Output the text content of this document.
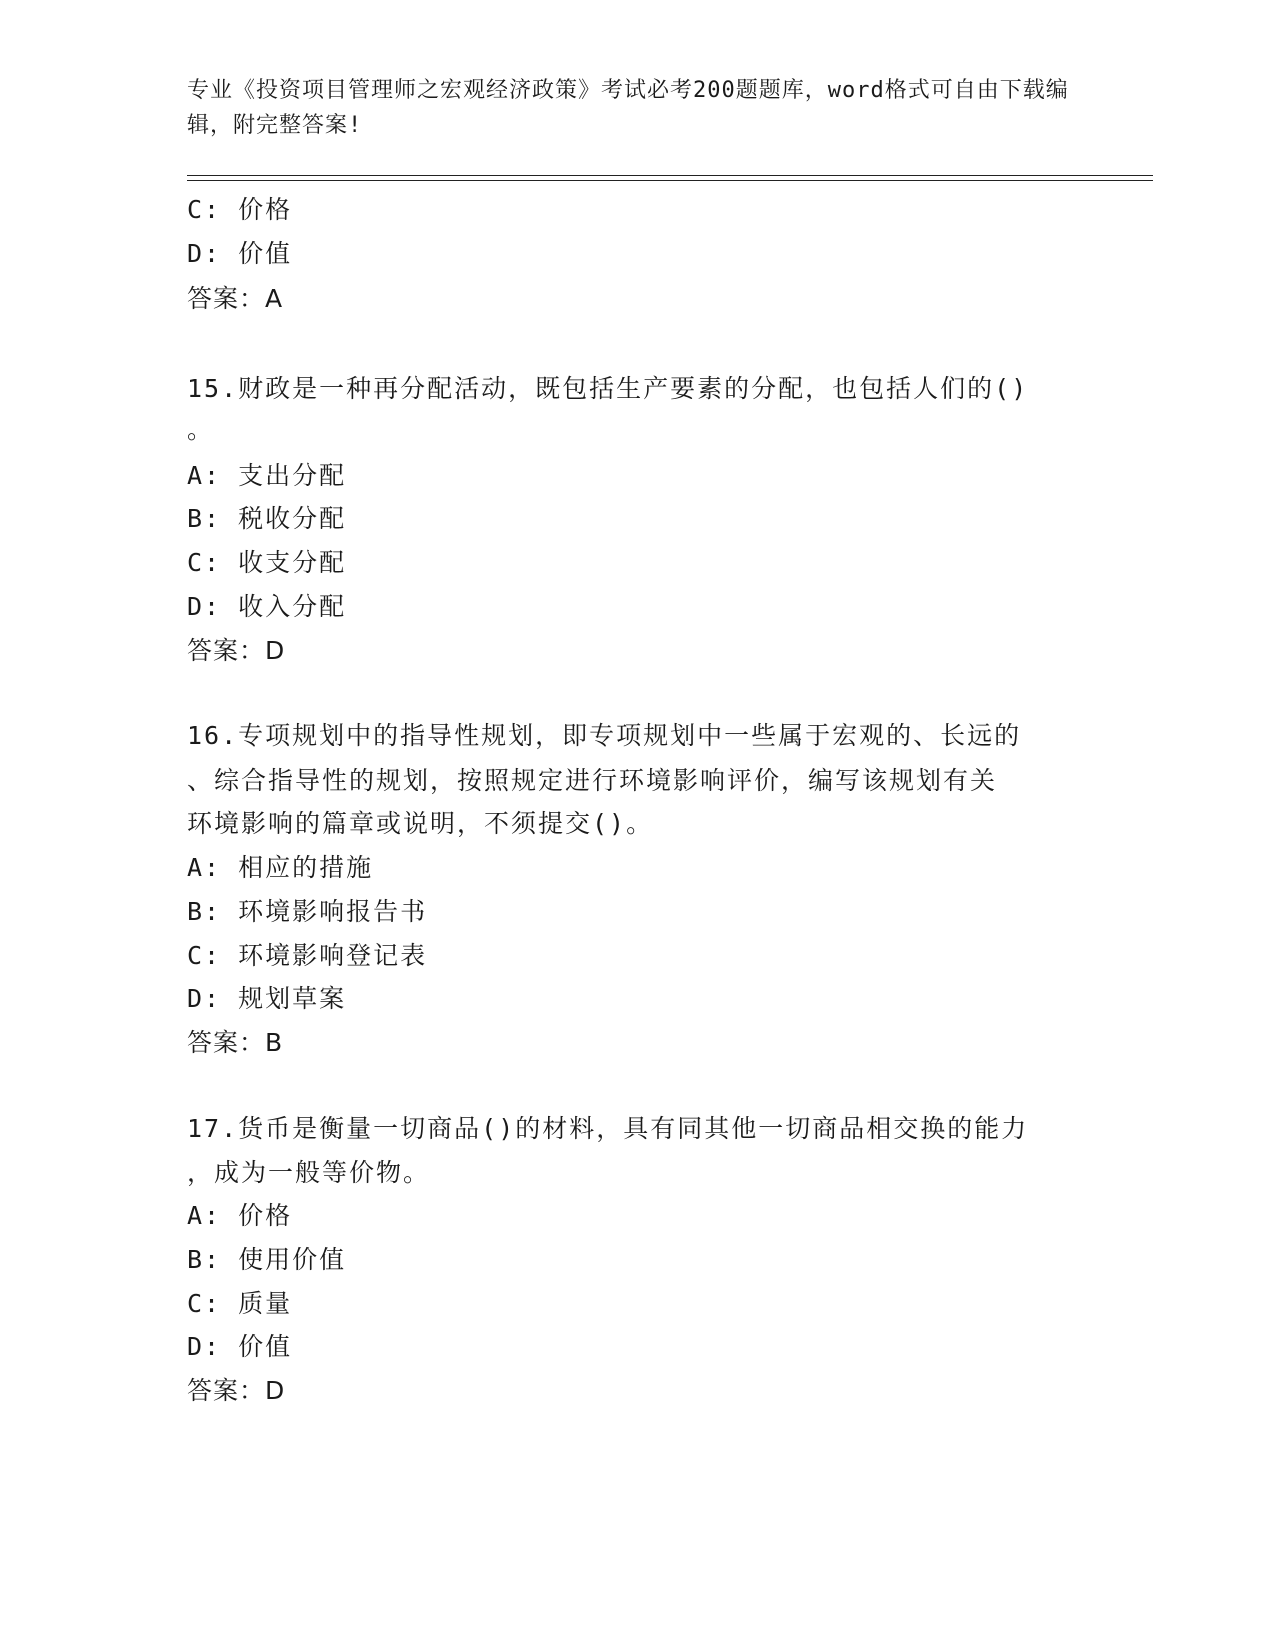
专业《投资项目管理师之宏观经济政策》考试必考200题题库，word格式可自由下载编辑，附完整答案!
C: 价格
D: 价值
答案：A
15.财政是一种再分配活动，既包括生产要素的分配，也包括人们的()
。
A: 支出分配
B: 税收分配
C: 收支分配
D: 收入分配
答案：D
16.专项规划中的指导性规划，即专项规划中一些属于宏观的、长远的
、综合指导性的规划，按照规定进行环境影响评价，编写该规划有关
环境影响的篇章或说明，不须提交()。
A: 相应的措施
B: 环境影响报告书
C: 环境影响登记表
D: 规划草案
答案：B
17.货币是衡量一切商品()的材料，具有同其他一切商品相交换的能力
，成为一般等价物。
A: 价格
B: 使用价值
C: 质量
D: 价值
答案：D
